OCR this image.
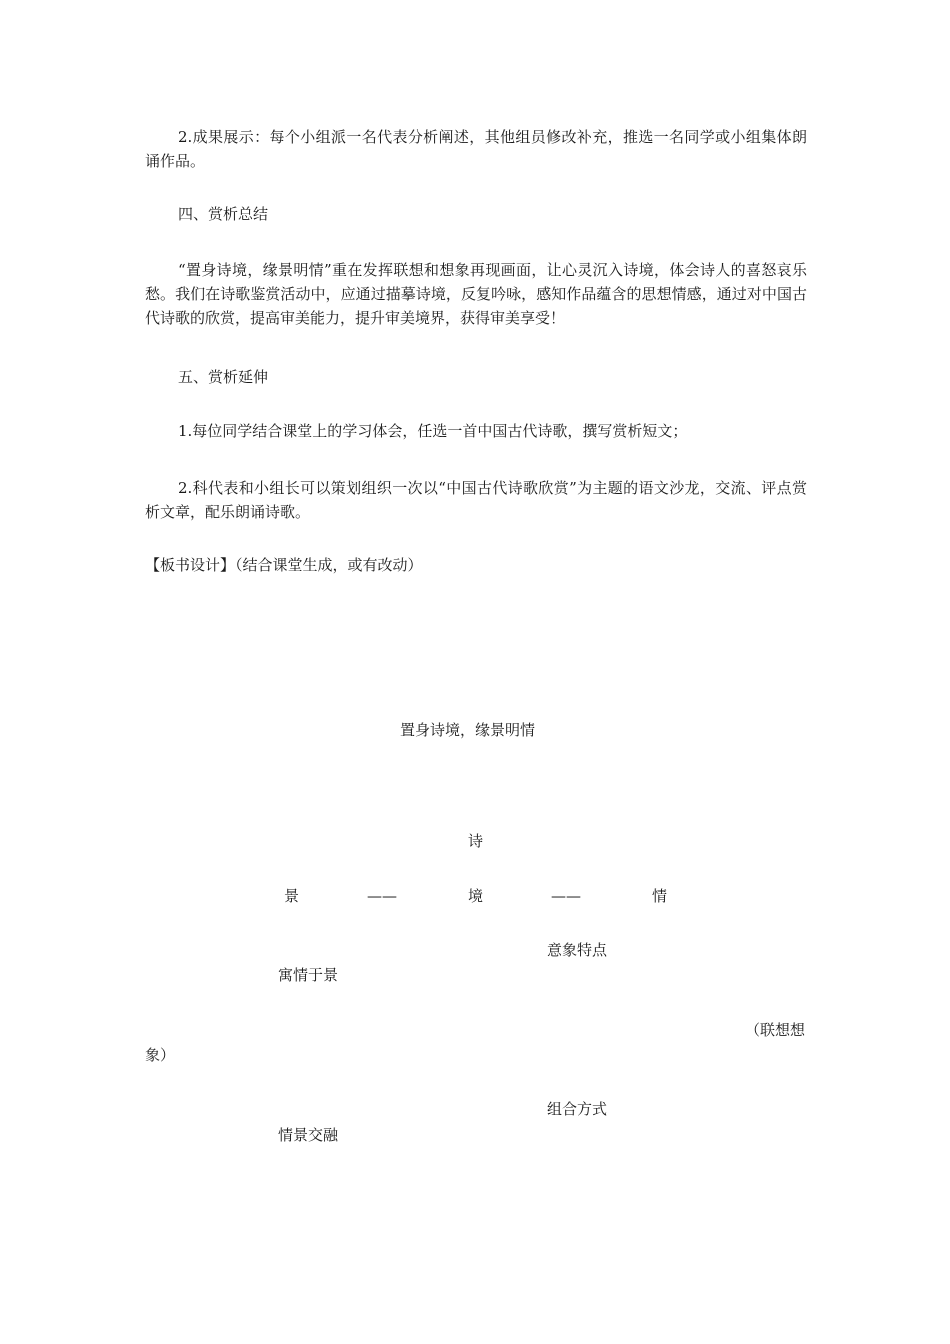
2.成果展示：每个小组派一名代表分析阐述，其他组员修改补充，推选一名同学或小组集体朗诵作品。
四、赏析总结
“置身诗境，缘景明情”重在发挥联想和想象再现画面，让心灵沉入诗境，体会诗人的喜怒哀乐愁。我们在诗歌鉴赏活动中，应通过描摹诗境，反复吟咏，感知作品蕴含的思想情感，通过对中国古代诗歌的欣赏，提高审美能力，提升审美境界，获得审美享受！
五、赏析延伸
1.每位同学结合课堂上的学习体会，任选一首中国古代诗歌，撰写赏析短文；
2.科代表和小组长可以策划组织一次以“中国古代诗歌欣赏”为主题的语文沙龙，交流、评点赏析文章，配乐朗诵诗歌。
【板书设计】（结合课堂生成，或有改动）
置身诗境，缘景明情
诗
景	——	境	——	情
意象特点
寓情于景
（联想想
象）
组合方式
情景交融
